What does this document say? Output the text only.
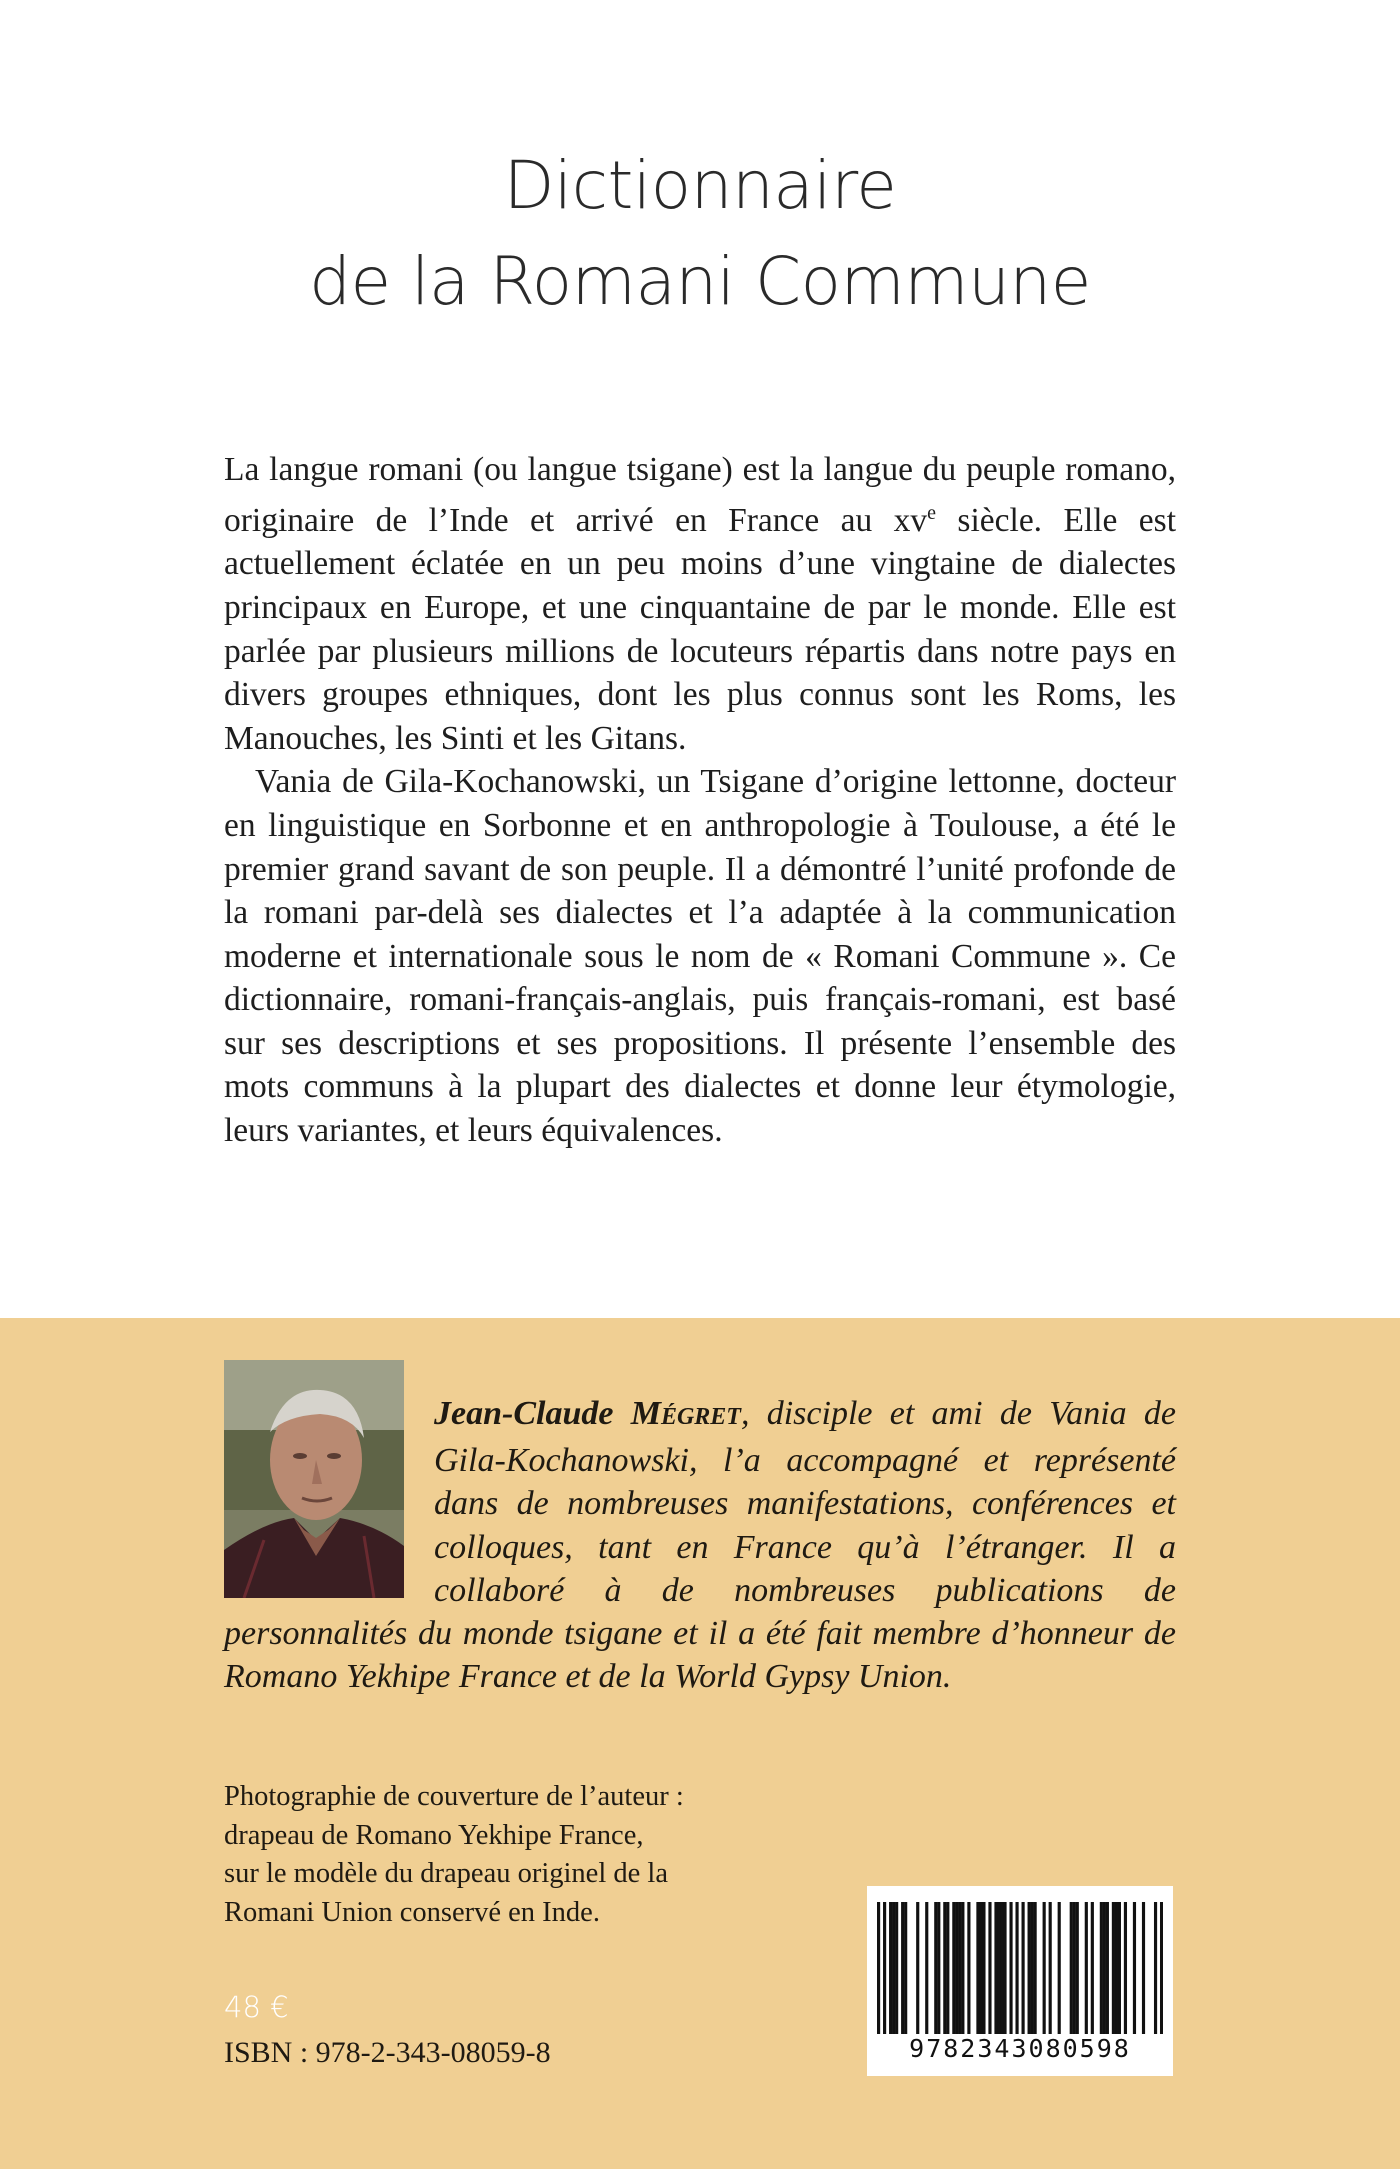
Dictionnaire
de la Romani Commune

La langue romani (ou langue tsigane) est la langue du peuple romano, originaire de l’Inde et arrivé en France au $xv^e$ siècle. Elle est actuellement éclatée en un peu moins d’une vingtaine de dialectes principaux en Europe, et une cinquantaine de par le monde. Elle est parlée par plusieurs millions de locuteurs répartis dans notre pays en divers groupes ethniques, dont les plus connus sont les Roms, les Manouches, les Sinti et les Gitans.

Vania de Gila-Kochanowski, un Tsigane d’origine lettonne, docteur en linguistique en Sorbonne et en anthropologie à Toulouse, a été le premier grand savant de son peuple. Il a démontré l’unité profonde de la romani par-delà ses dialectes et l’a adaptée à la communication moderne et internationale sous le nom de « Romani Commune ». Ce dictionnaire, romani-français-anglais, puis français-romani, est basé sur ses descriptions et ses propositions. Il présente l’ensemble des mots communs à la plupart des dialectes et donne leur étymologie, leurs variantes, et leurs équivalences.

Jean-Claude MÉGRET, disciple et ami de Vania de Gila-Kochanowski, l’a accompagné et représenté dans de nombreuses manifestations, conférences et colloques, tant en France qu’à l’étranger. Il a collaboré à de nombreuses publications de personnalités du monde tsigane et il a été fait membre d’honneur de Romano Yekhipe France et de la World Gypsy Union.
Photographie de couverture de l’auteur :
drapeau de Romano Yekhipe France,
sur le modèle du drapeau originel de la
Romani Union conservé en Inde.
48 €
ISBN : 978-2-343-08059-8	9782343080598
